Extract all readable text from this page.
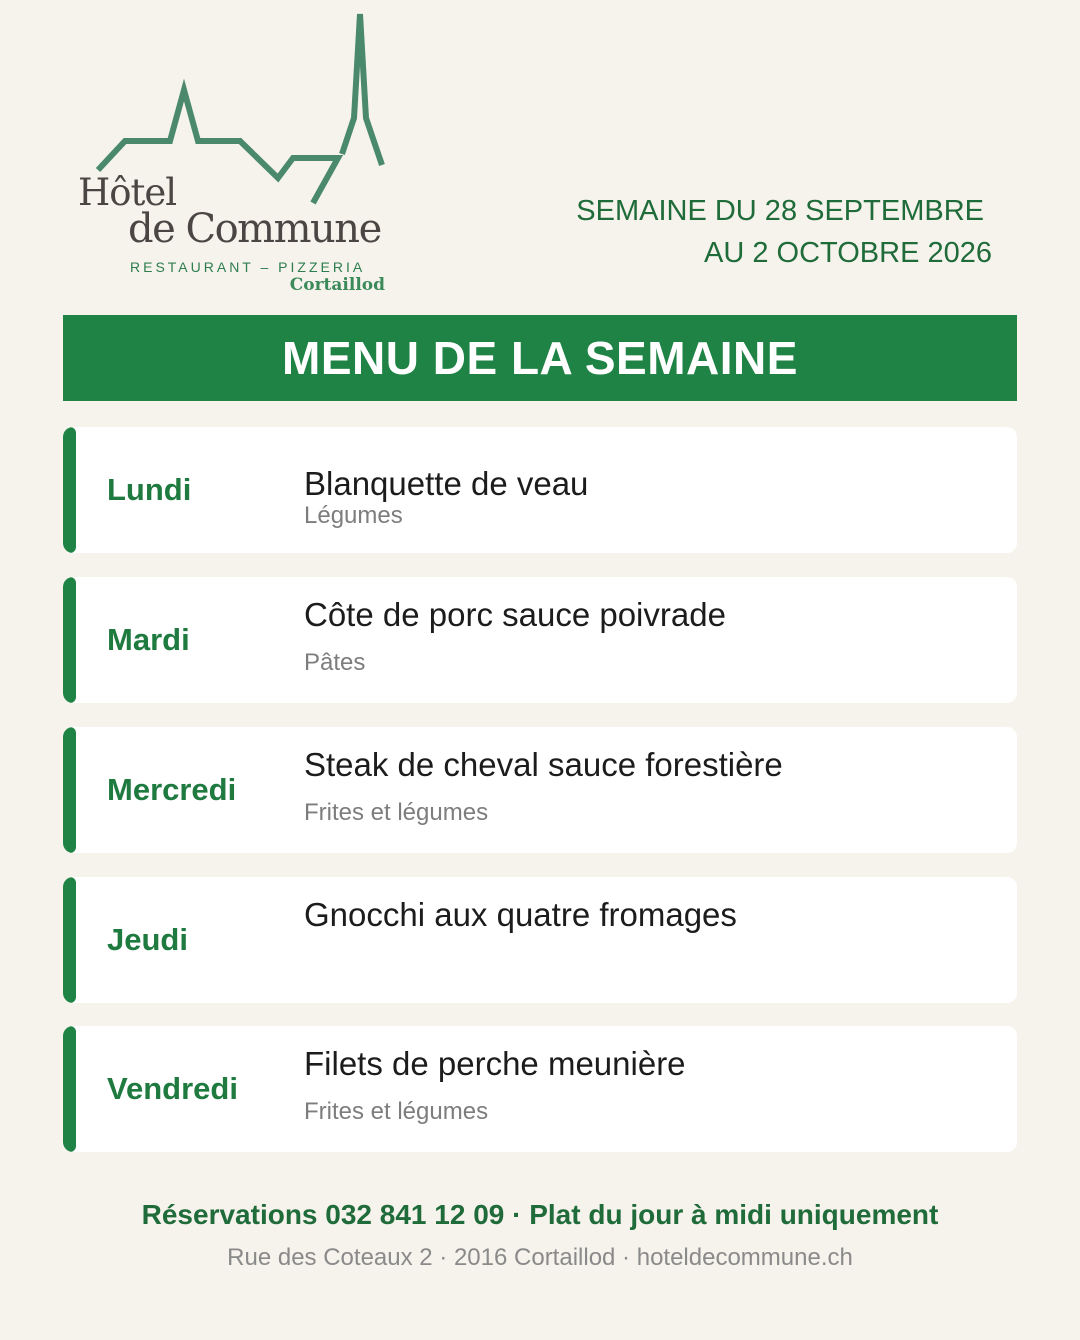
Hôtel
de Commune
RESTAURANT – PIZZERIA
Cortaillod
SEMAINE DU 28 SEPTEMBRE
AU 2 OCTOBRE 2026
MENU DE LA SEMAINE
Lundi	Blanquette de veau
Légumes
Mardi
Côte de porc sauce poivrade
Pâtes
Mercredi
Steak de cheval sauce forestière
Frites et légumes
Jeudi
Gnocchi aux quatre fromages
Vendredi
Filets de perche meunière
Frites et légumes
Réservations 032 841 12 09 · Plat du jour à midi uniquement
Rue des Coteaux 2 · 2016 Cortaillod · hoteldecommune.ch
